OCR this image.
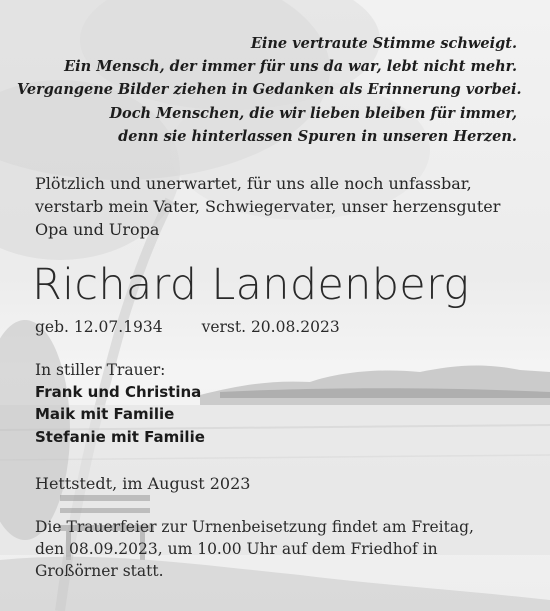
Eine vertraute Stimme schweigt.
Ein Mensch, der immer für uns da war, lebt nicht mehr.
Vergangene Bilder ziehen in Gedanken als Erinnerung vorbei.
Doch Menschen, die wir lieben bleiben für immer,
denn sie hinterlassen Spuren in unseren Herzen.
Plötzlich und unerwartet, für uns alle noch unfassbar,
verstarb mein Vater, Schwiegervater, unser herzensguter
Opa und Uropa
Richard Landenberg
geb. 12.07.1934	verst. 20.08.2023
In stiller Trauer:
Frank und Christina
Maik mit Familie
Stefanie mit Familie
Hettstedt, im August 2023
Die Trauerfeier zur Urnenbeisetzung findet am Freitag,
den 08.09.2023, um 10.00 Uhr auf dem Friedhof in
Großörner statt.
